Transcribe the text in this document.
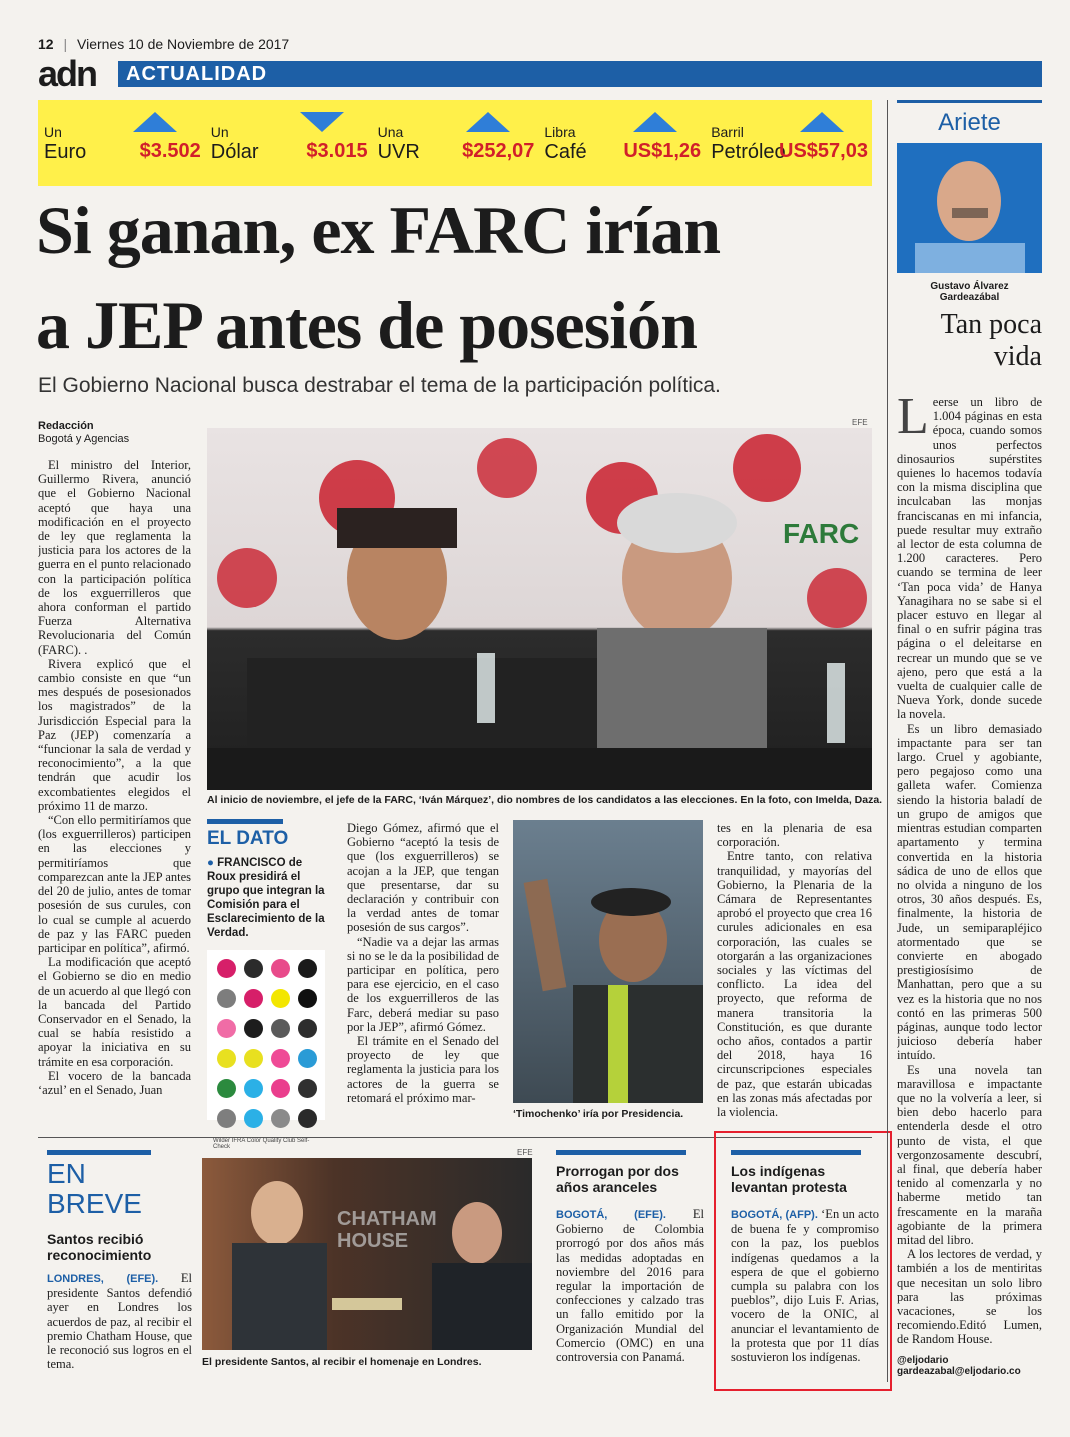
12 | Viernes 10 de Noviembre de 2017
adn	ACTUALIDAD
Un
Euro	$3.502
Un
Dólar	$3.015
Una
UVR	$252,07
Libra
Café	US$1,26
Barril
Petróleo
US$57,03
Si ganan, ex FARC irían
a JEP antes de posesión
El Gobierno Nacional busca destrabar el tema de la participación política.
Redacción
Bogotá y Agencias

El ministro del Interior, Guillermo Rivera, anunció que el Gobierno Nacional aceptó que haya una modificación en el proyecto de ley que reglamenta la justicia para los actores de la guerra en el punto relacionado con la participación política de los exguerrilleros que ahora conforman el partido Fuerza Alternativa Revolucionaria del Común (FARC). .

Rivera explicó que el cambio consiste en que “un mes después de posesionados los magistrados” de la Jurisdicción Especial para la Paz (JEP) comenzaría a “funcionar la sala de verdad y reconocimiento”, a la que tendrán que acudir los excombatientes elegidos el próximo 11 de marzo.

“Con ello permitiríamos que (los exguerrilleros) participen en las elecciones y permitiríamos que comparezcan ante la JEP antes del 20 de julio, antes de tomar posesión de sus curules, con lo cual se cumple al acuerdo de paz y las FARC pueden participar en política”, afirmó.

La modificación que aceptó el Gobierno se dio en medio de un acuerdo al que llegó con la bancada del Partido Conservador en el Senado, la cual se había resistido a apoyar la iniciativa en su trámite en esa corporación.

El vocero de la bancada ‘azul’ en el Senado, Juan

EFE
FARC
Al inicio de noviembre, el jefe de la FARC, ‘Iván Márquez’, dio nombres de los candidatos a las elecciones. En la foto, con Imelda, Daza.
EL DATO
● FRANCISCO de Roux presidirá el grupo que integran la Comisión para el Esclarecimiento de la Verdad.
Wilder IFRA Color Quality Club Self-Check

Diego Gómez, afirmó que el Gobierno “aceptó la tesis de que (los exguerrilleros) se acojan a la JEP, que tengan que presentarse, dar su declaración y contribuir con la verdad antes de tomar posesión de sus cargos”.

“Nadie va a dejar las armas si no se le da la posibilidad de participar en política, pero para ese ejercicio, en el caso de los exguerrilleros de las Farc, deberá mediar su paso por la JEP”, afirmó Gómez.

El trámite en el Senado del proyecto de ley que reglamenta la justicia para los actores de la guerra se retomará el próximo mar-

‘Timochenko’ iría por Presidencia.

tes en la plenaria de esa corporación.

Entre tanto, con relativa tranquilidad, y mayorías del Gobierno, la Plenaria de la Cámara de Representantes aprobó el proyecto que crea 16 curules adicionales en esa corporación, las cuales se otorgarán a las organizaciones sociales y las víctimas del conflicto. La idea del proyecto, que reforma de manera transitoria la Constitución, es que durante ocho años, contados a partir del 2018, haya 16 circunscripciones especiales de paz, que estarán ubicadas en las zonas más afectadas por la violencia.

EN
BREVE
Santos recibió reconocimiento
LONDRES, (EFE). El presidente Santos defendió ayer en Londres los acuerdos de paz, al recibir el premio Chatham House, que le reconoció sus logros en el tema.
EFE
CHATHAM
HOUSE
El presidente Santos, al recibir el homenaje en Londres.
Prorrogan por dos años aranceles
BOGOTÁ, (EFE). El Gobierno de Colombia prorrogó por dos años más las medidas adoptadas en noviembre del 2016 para regular la importación de confecciones y calzado tras un fallo emitido por la Organización Mundial del Comercio (OMC) en una controversia con Panamá.
Los indígenas levantan protesta
BOGOTÁ, (AFP). ‘En un acto de buena fe y compromiso con la paz, los pueblos indígenas quedamos a la espera de que el gobierno cumpla su palabra con los pueblos”, dijo Luis F. Arias, vocero de la ONIC, al anunciar el levantamiento de la protesta que por 11 días sostuvieron los indígenas.
Ariete
Gustavo Álvarez
Gardeazábal
Tan poca
vida

Leerse un libro de 1.004 páginas en esta época, cuando somos unos perfectos dinosaurios supérstites quienes lo hacemos todavía con la misma disciplina que inculcaban las monjas franciscanas en mi infancia, puede resultar muy extraño al lector de esta columna de 1.200 caracteres. Pero cuando se termina de leer ‘Tan poca vida’ de Hanya Yanagihara no se sabe si el placer estuvo en llegar al final o en sufrir página tras página o el deleitarse en recrear un mundo que se ve ajeno, pero que está a la vuelta de cualquier calle de Nueva York, donde sucede la novela.

Es un libro demasiado impactante para ser tan largo. Cruel y agobiante, pero pegajoso como una galleta wafer. Comienza siendo la historia baladí de un grupo de amigos que mientras estudian comparten apartamento y termina convertida en la historia sádica de uno de ellos que no olvida a ninguno de los otros, 30 años después. Es, finalmente, la historia de Jude, un semiparapléjico atormentado que se convierte en abogado prestigiosísimo de Manhattan, pero que a su vez es la historia que no nos contó en las primeras 500 páginas, aunque todo lector juicioso debería haber intuído.

Es una novela tan maravillosa e impactante que no la volvería a leer, si bien debo hacerlo para entenderla desde el otro punto de vista, el que vergonzosamente descubrí, al final, que debería haber tenido al comenzarla y no haberme metido tan frescamente en la maraña agobiante de la primera mitad del libro.

A los lectores de verdad, y también a los de mentiritas que necesitan un solo libro para las próximas vacaciones, se los recomiendo.Editó Lumen, de Random House.

@eljodario
gardeazabal@eljodario.co
